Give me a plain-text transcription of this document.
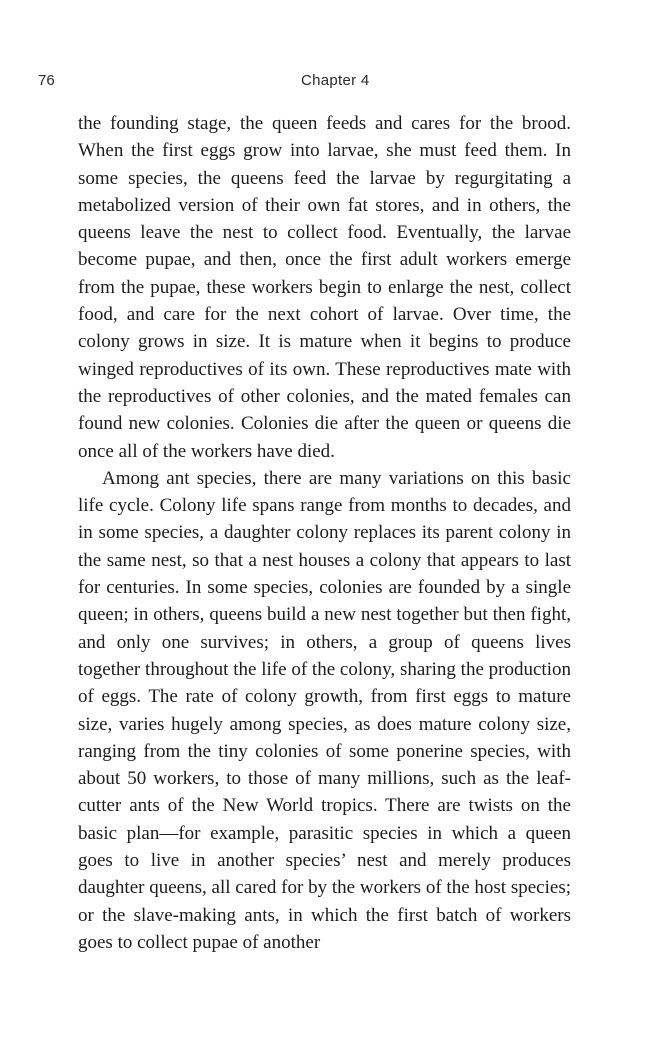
76	Chapter 4

the founding stage, the queen feeds and cares for the brood. When the first eggs grow into larvae, she must feed them. In some species, the queens feed the larvae by regurgitating a metabolized version of their own fat stores, and in others, the queens leave the nest to collect food. Eventually, the larvae become pupae, and then, once the first adult workers emerge from the pupae, these workers begin to enlarge the nest, collect food, and care for the next cohort of larvae. Over time, the colony grows in size. It is mature when it begins to produce winged reproductives of its own. These reproductives mate with the reproductives of other colonies, and the mated females can found new colonies. Colonies die after the queen or queens die once all of the workers have died.

Among ant species, there are many variations on this basic life cycle. Colony life spans range from months to decades, and in some species, a daughter colony replaces its parent colony in the same nest, so that a nest houses a colony that appears to last for centuries. In some species, colonies are founded by a single queen; in others, queens build a new nest together but then fight, and only one survives; in others, a group of queens lives together throughout the life of the colony, sharing the production of eggs. The rate of colony growth, from first eggs to mature size, varies hugely among species, as does mature colony size, ranging from the tiny colonies of some ponerine species, with about 50 workers, to those of many millions, such as the leaf-cutter ants of the New World tropics. There are twists on the basic plan—for example, parasitic species in which a queen goes to live in another species’ nest and merely produces daughter queens, all cared for by the workers of the host species; or the slave-making ants, in which the first batch of workers goes to collect pupae of another
